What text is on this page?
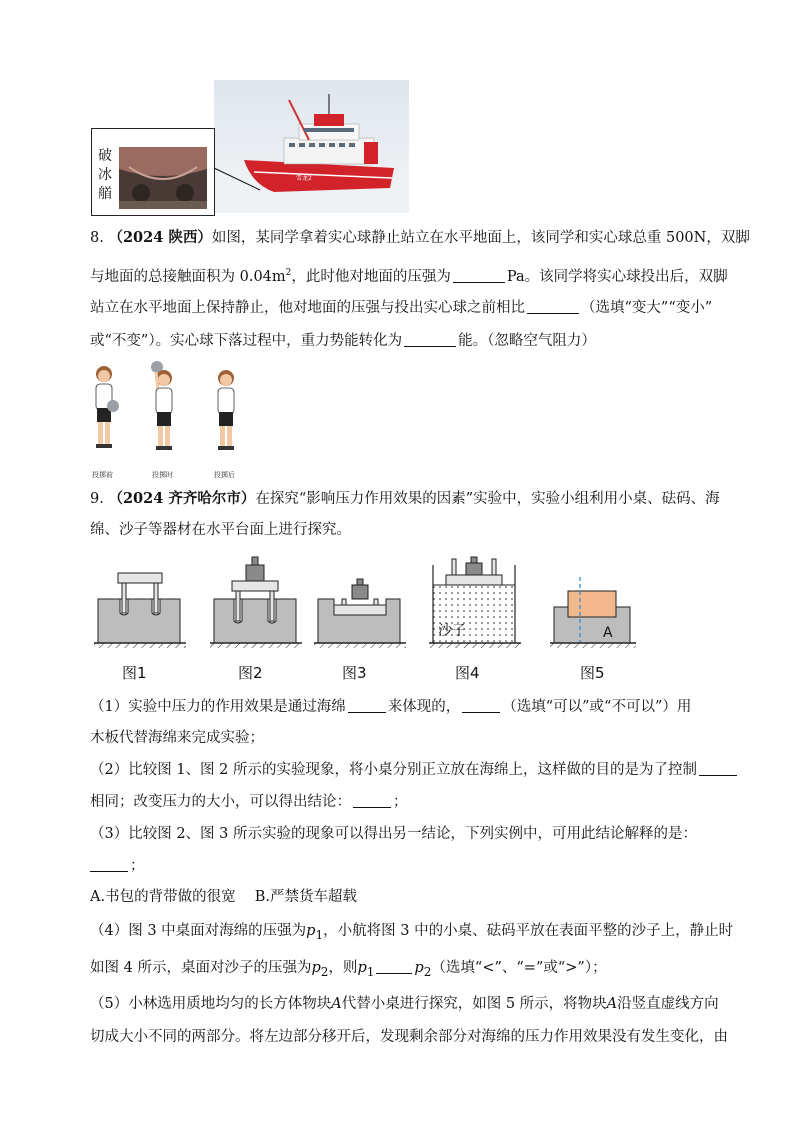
雪龙2
破冰艏
8. （2024 陕西）如图，某同学拿着实心球静止站立在水平地面上，该同学和实心球总重 500N，双脚
与地面的总接触面积为 $0.04m^2$，此时他对地面的压强为	Pa。该同学将实心球投出后，双脚
站立在水平地面上保持静止，他对地面的压强与投出实心球之前相比	（选填“变大”“变小”
或“不变”）。实心球下落过程中，重力势能转化为	能。（忽略空气阻力）
投掷前	投掷时	投掷后
9. （2024 齐齐哈尔市）在探究“影响压力作用效果的因素”实验中，实验小组利用小桌、砝码、海
绵、沙子等器材在水平台面上进行探究。
沙子	A
图1	图2	图3	图4	图5
（1）实验中压力的作用效果是通过海绵	来体现的，	（选填“可以”或“不可以”）用
木板代替海绵来完成实验；
（2）比较图 1、图 2 所示的实验现象，将小桌分别正立放在海绵上，这样做的目的是为了控制
相同；改变压力的大小，可以得出结论：	；
（3）比较图 2、图 3 所示实验的现象可以得出另一结论，下列实例中，可用此结论解释的是：
；
A.书包的背带做的很宽　 B.严禁货车超载
（4）图 3 中桌面对海绵的压强为$p_1$，小航将图 3 中的小桌、砝码平放在表面平整的沙子上，静止时
如图 4 所示，桌面对沙子的压强为$p_2$，则$p_1$	$p_2$（选填“<”、“=”或“>”）；
（5）小林选用质地均匀的长方体物块A代替小桌进行探究，如图 5 所示，将物块A沿竖直虚线方向
切成大小不同的两部分。将左边部分移开后，发现剩余部分对海绵的压力作用效果没有发生变化，由
